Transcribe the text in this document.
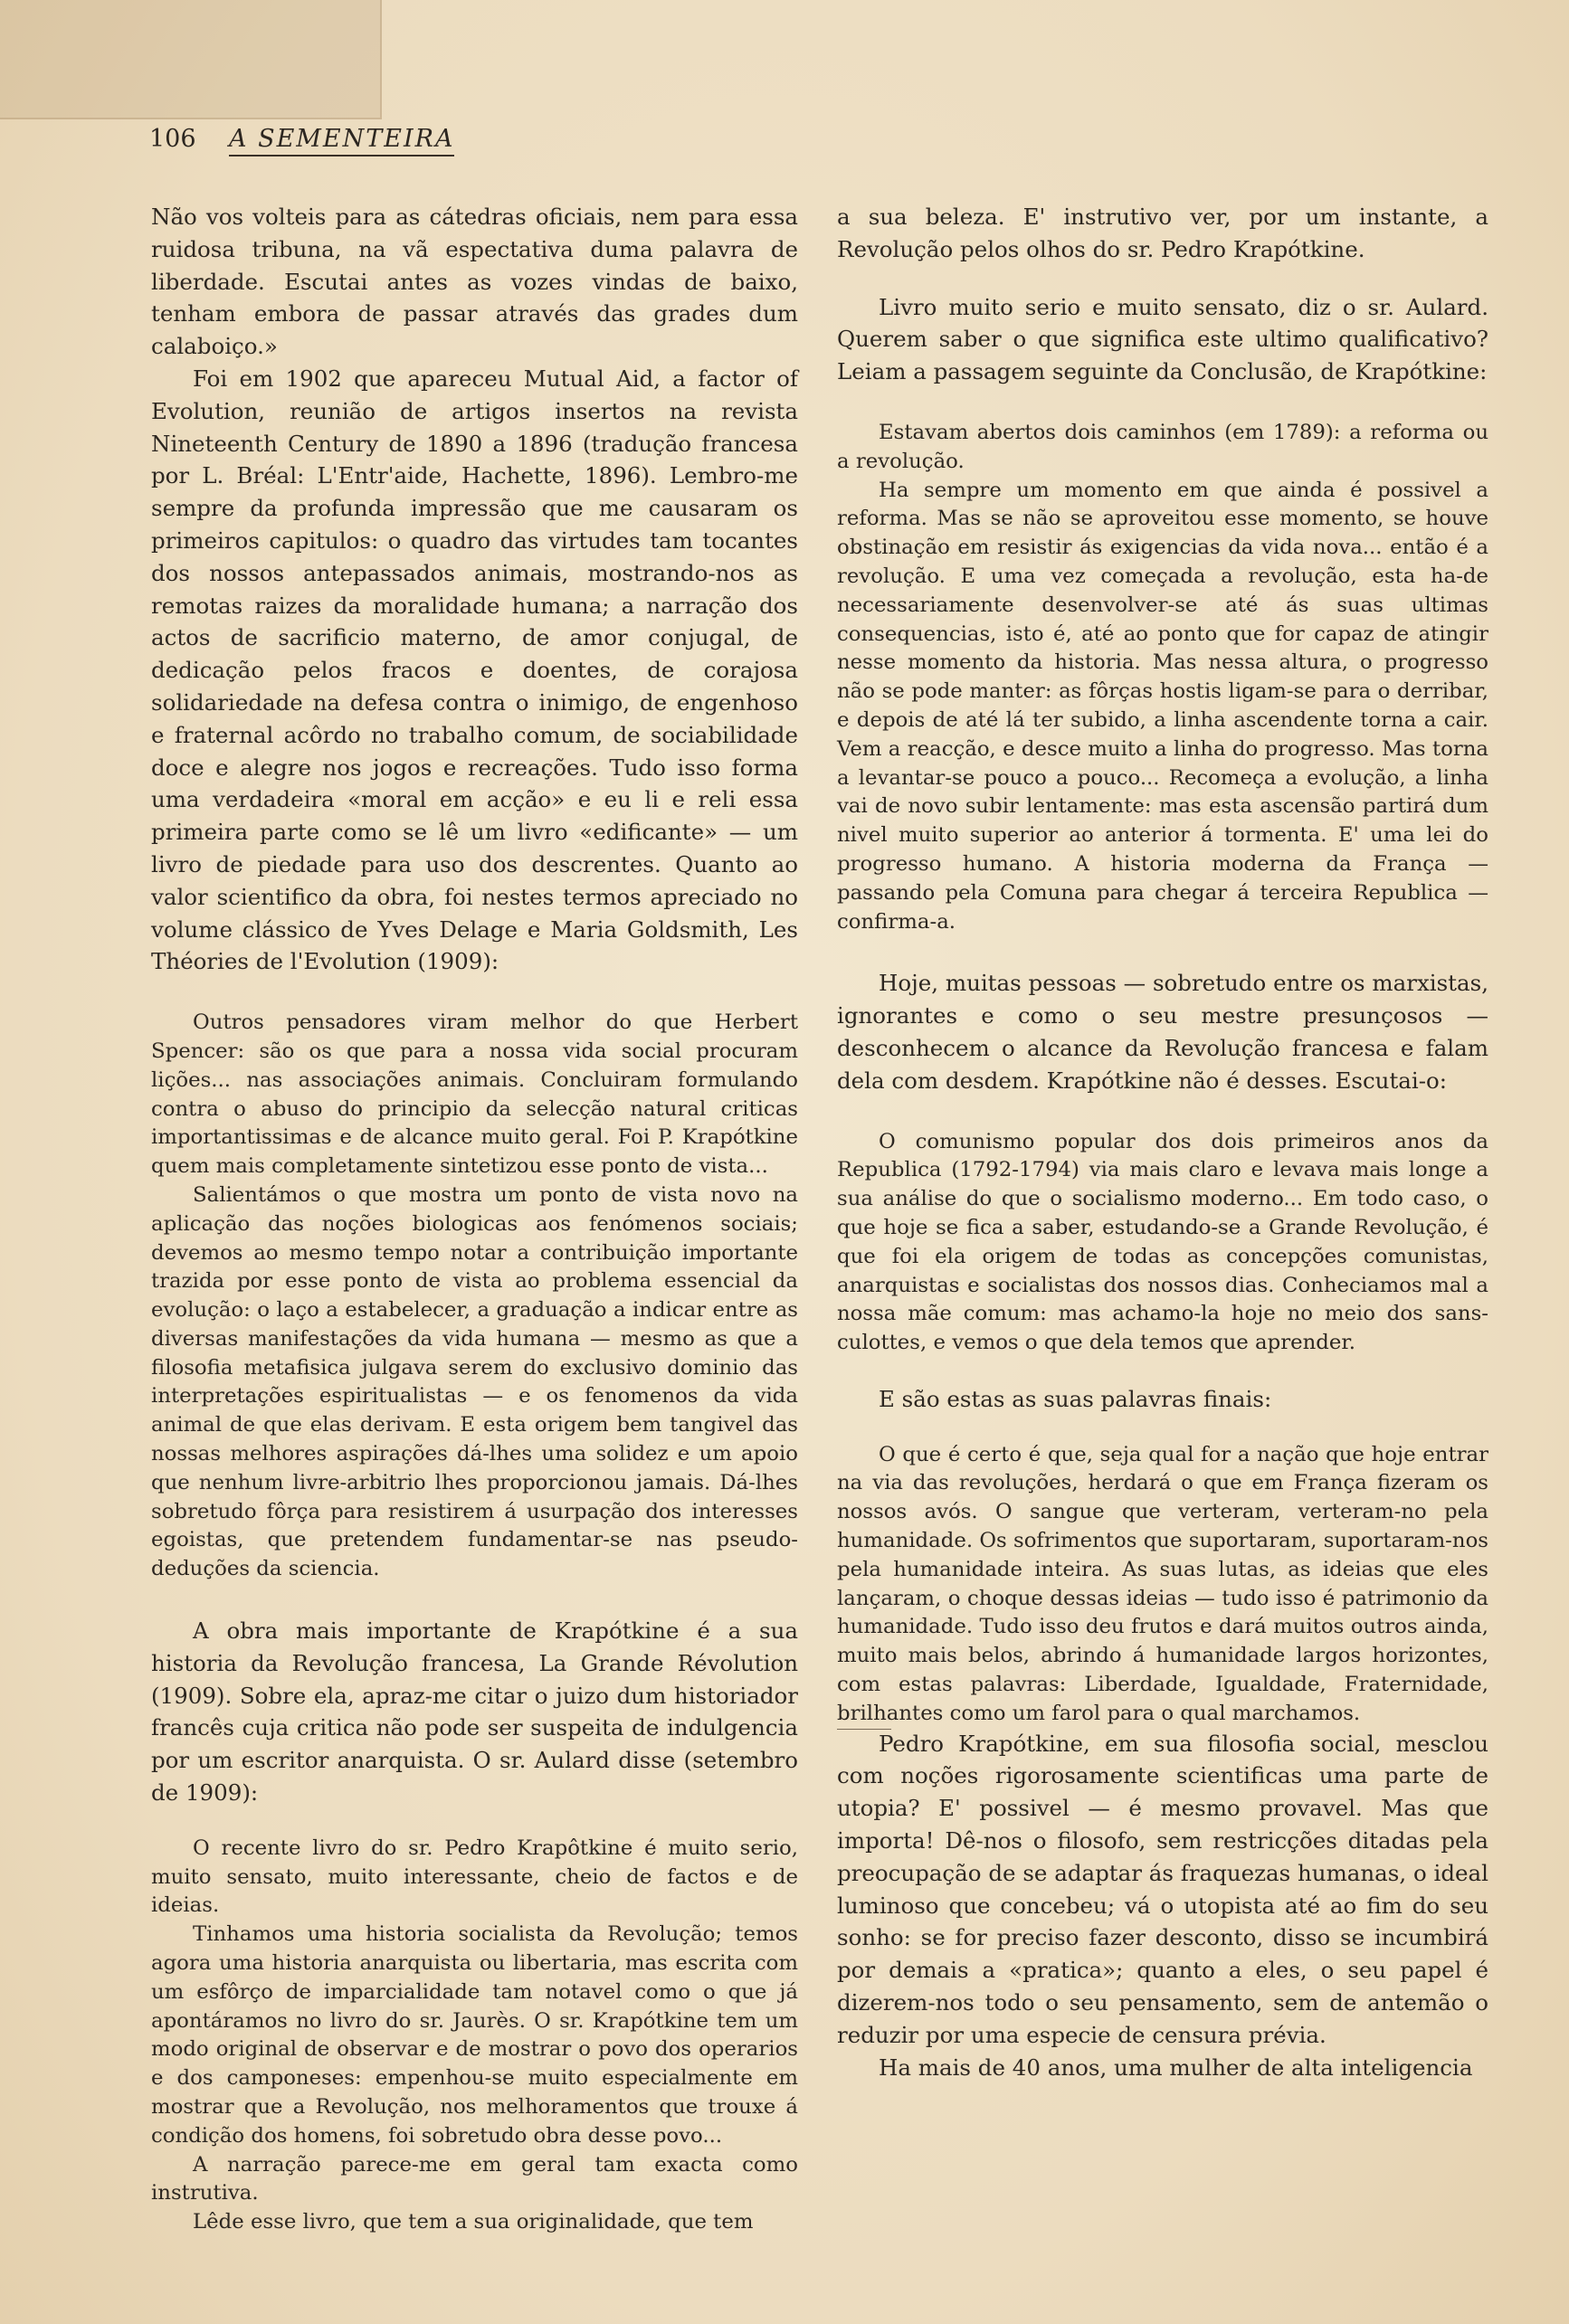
106 A SEMENTEIRA

Não vos volteis para as cátedras oficiais, nem para essa ruidosa tribuna, na vã espectativa duma palavra de liberdade. Escutai antes as vozes vindas de baixo, tenham embora de passar através das grades dum calaboiço.»

Foi em 1902 que apareceu Mutual Aid, a factor of Evolution, reunião de artigos insertos na revista Nineteenth Century de 1890 a 1896 (tradução francesa por L. Bréal: L'Entr'aide, Hachette, 1896). Lembro-me sempre da profunda impressão que me causaram os primeiros capitulos: o quadro das virtudes tam tocantes dos nossos antepassados animais, mostrando-nos as remotas raizes da moralidade humana; a narração dos actos de sacrificio materno, de amor conjugal, de dedicação pelos fracos e doentes, de corajosa solidariedade na defesa contra o inimigo, de engenhoso e fraternal acôrdo no trabalho comum, de sociabilidade doce e alegre nos jogos e recreações. Tudo isso forma uma verdadeira «moral em acção» e eu li e reli essa primeira parte como se lê um livro «edificante» — um livro de piedade para uso dos descrentes. Quanto ao valor scientifico da obra, foi nestes termos apreciado no volume clássico de Yves Delage e Maria Goldsmith, Les Théories de l'Evolution (1909):

Outros pensadores viram melhor do que Herbert Spencer: são os que para a nossa vida social procuram lições... nas associações animais. Concluiram formulando contra o abuso do principio da selecção natural criticas importantissimas e de alcance muito geral. Foi P. Krapótkine quem mais completamente sintetizou esse ponto de vista...

Salientámos o que mostra um ponto de vista novo na aplicação das noções biologicas aos fenómenos sociais; devemos ao mesmo tempo notar a contribuição importante trazida por esse ponto de vista ao problema essencial da evolução: o laço a estabelecer, a graduação a indicar entre as diversas manifestações da vida humana — mesmo as que a filosofia metafisica julgava serem do exclusivo dominio das interpretações espiritualistas — e os fenomenos da vida animal de que elas derivam. E esta origem bem tangivel das nossas melhores aspirações dá-lhes uma solidez e um apoio que nenhum livre-arbitrio lhes proporcionou jamais. Dá-lhes sobretudo fôrça para resistirem á usurpação dos interesses egoistas, que pretendem fundamentar-se nas pseudo-deduções da sciencia.

A obra mais importante de Krapótkine é a sua historia da Revolução francesa, La Grande Révolution (1909). Sobre ela, apraz-me citar o juizo dum historiador francês cuja critica não pode ser suspeita de indulgencia por um escritor anarquista. O sr. Aulard disse (setembro de 1909):

O recente livro do sr. Pedro Krapôtkine é muito serio, muito sensato, muito interessante, cheio de factos e de ideias.

Tinhamos uma historia socialista da Revolução; temos agora uma historia anarquista ou libertaria, mas escrita com um esfôrço de imparcialidade tam notavel como o que já apontáramos no livro do sr. Jaurès. O sr. Krapótkine tem um modo original de observar e de mostrar o povo dos operarios e dos camponeses: empenhou-se muito especialmente em mostrar que a Revolução, nos melhoramentos que trouxe á condição dos homens, foi sobretudo obra desse povo...

A narração parece-me em geral tam exacta como instrutiva.

Lêde esse livro, que tem a sua originalidade, que tem

a sua beleza. E' instrutivo ver, por um instante, a Revolução pelos olhos do sr. Pedro Krapótkine.

Livro muito serio e muito sensato, diz o sr. Aulard. Querem saber o que significa este ultimo qualificativo? Leiam a passagem seguinte da Conclusão, de Krapótkine:

Estavam abertos dois caminhos (em 1789): a reforma ou a revolução.

Ha sempre um momento em que ainda é possivel a reforma. Mas se não se aproveitou esse momento, se houve obstinação em resistir ás exigencias da vida nova... então é a revolução. E uma vez começada a revolução, esta ha-de necessariamente desenvolver-se até ás suas ultimas consequencias, isto é, até ao ponto que for capaz de atingir nesse momento da historia. Mas nessa altura, o progresso não se pode manter: as fôrças hostis ligam-se para o derribar, e depois de até lá ter subido, a linha ascendente torna a cair. Vem a reacção, e desce muito a linha do progresso. Mas torna a levantar-se pouco a pouco... Recomeça a evolução, a linha vai de novo subir lentamente: mas esta ascensão partirá dum nivel muito superior ao anterior á tormenta. E' uma lei do progresso humano. A historia moderna da França — passando pela Comuna para chegar á terceira Republica — confirma-a.

Hoje, muitas pessoas — sobretudo entre os marxistas, ignorantes e como o seu mestre presunçosos — desconhecem o alcance da Revolução francesa e falam dela com desdem. Krapótkine não é desses. Escutai-o:

O comunismo popular dos dois primeiros anos da Republica (1792-1794) via mais claro e levava mais longe a sua análise do que o socialismo moderno... Em todo caso, o que hoje se fica a saber, estudando-se a Grande Revolução, é que foi ela origem de todas as concepções comunistas, anarquistas e socialistas dos nossos dias. Conheciamos mal a nossa mãe comum: mas achamo-la hoje no meio dos sans-culottes, e vemos o que dela temos que aprender.

E são estas as suas palavras finais:

O que é certo é que, seja qual for a nação que hoje entrar na via das revoluções, herdará o que em França fizeram os nossos avós. O sangue que verteram, verteram-no pela humanidade. Os sofrimentos que suportaram, suportaram-nos pela humanidade inteira. As suas lutas, as ideias que eles lançaram, o choque dessas ideias — tudo isso é patrimonio da humanidade. Tudo isso deu frutos e dará muitos outros ainda, muito mais belos, abrindo á humanidade largos horizontes, com estas palavras: Liberdade, Igualdade, Fraternidade, brilhantes como um farol para o qual marchamos.

Pedro Krapótkine, em sua filosofia social, mesclou com noções rigorosamente scientificas uma parte de utopia? E' possivel — é mesmo provavel. Mas que importa! Dê-nos o filosofo, sem restricções ditadas pela preocupação de se adaptar ás fraquezas humanas, o ideal luminoso que concebeu; vá o utopista até ao fim do seu sonho: se for preciso fazer desconto, disso se incumbirá por demais a «pratica»; quanto a eles, o seu papel é dizerem-nos todo o seu pensamento, sem de antemão o reduzir por uma especie de censura prévia.

Ha mais de 40 anos, uma mulher de alta inteligencia
